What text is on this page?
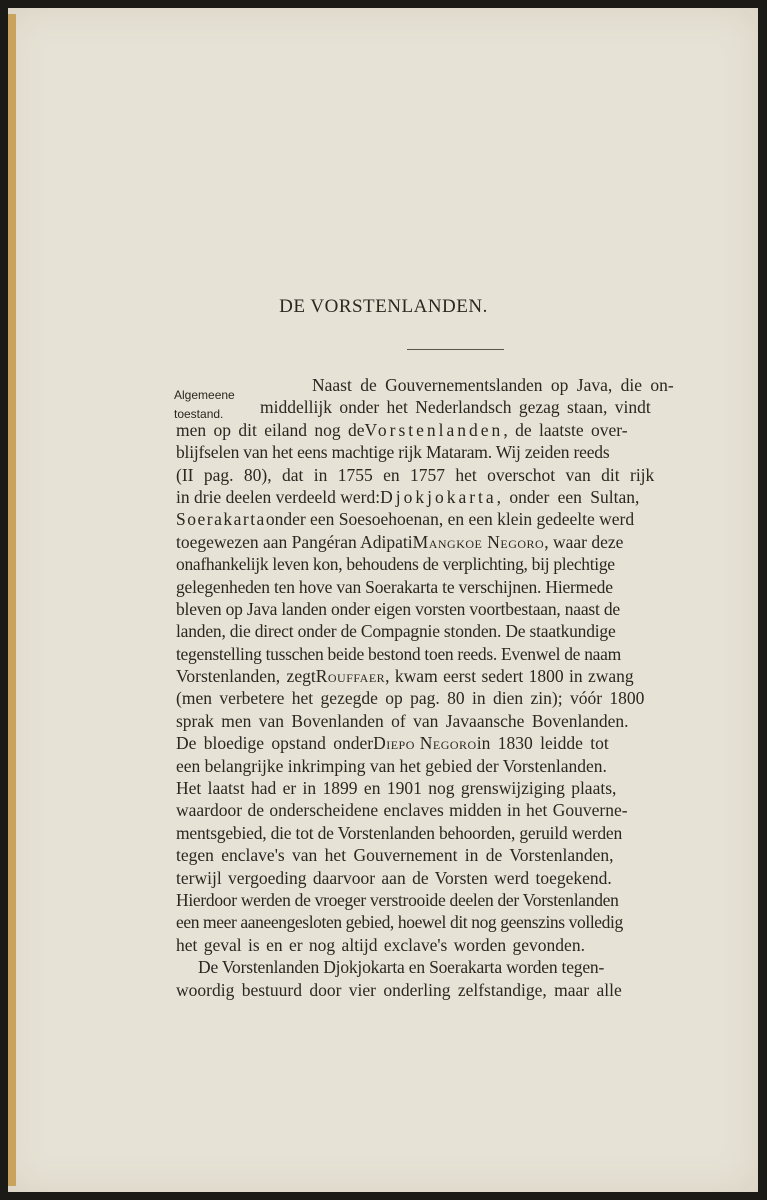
DE VORSTENLANDEN.
Algemeene
toestand.
Naast de Gouvernementslanden op Java, die on-
middellijk onder het Nederlandsch gezag staan, vindt
men op dit eiland nog deVorstenlanden, de laatste over-
blijfselen van het eens machtige rijk Mataram. Wij zeiden reeds
(II pag. 80), dat in 1755 en 1757 het overschot van dit rijk
in drie deelen verdeeld werd:Djokjokarta, onder een Sultan,
Soerakartaonder een Soesoehoenan, en een klein gedeelte werd
toegewezen aan Pangéran AdipatiMangkoe Negoro, waar deze
onafhankelijk leven kon, behoudens de verplichting, bij plechtige
gelegenheden ten hove van Soerakarta te verschijnen. Hiermede
bleven op Java landen onder eigen vorsten voortbestaan, naast de
landen, die direct onder de Compagnie stonden. De staatkundige
tegenstelling tusschen beide bestond toen reeds. Evenwel de naam
Vorstenlanden, zegtRouffaer, kwam eerst sedert 1800 in zwang
(men verbetere het gezegde op pag. 80 in dien zin); vóór 1800
sprak men van Bovenlanden of van Javaansche Bovenlanden.
De bloedige opstand onderDiepo Negoroin 1830 leidde tot
een belangrijke inkrimping van het gebied der Vorstenlanden.
Het laatst had er in 1899 en 1901 nog grenswijziging plaats,
waardoor de onderscheidene enclaves midden in het Gouverne-
mentsgebied, die tot de Vorstenlanden behoorden, geruild werden
tegen enclave's van het Gouvernement in de Vorstenlanden,
terwijl vergoeding daarvoor aan de Vorsten werd toegekend.
Hierdoor werden de vroeger verstrooide deelen der Vorstenlanden
een meer aaneengesloten gebied, hoewel dit nog geenszins volledig
het geval is en er nog altijd exclave's worden gevonden.
De Vorstenlanden Djokjokarta en Soerakarta worden tegen-
woordig bestuurd door vier onderling zelfstandige, maar alle
